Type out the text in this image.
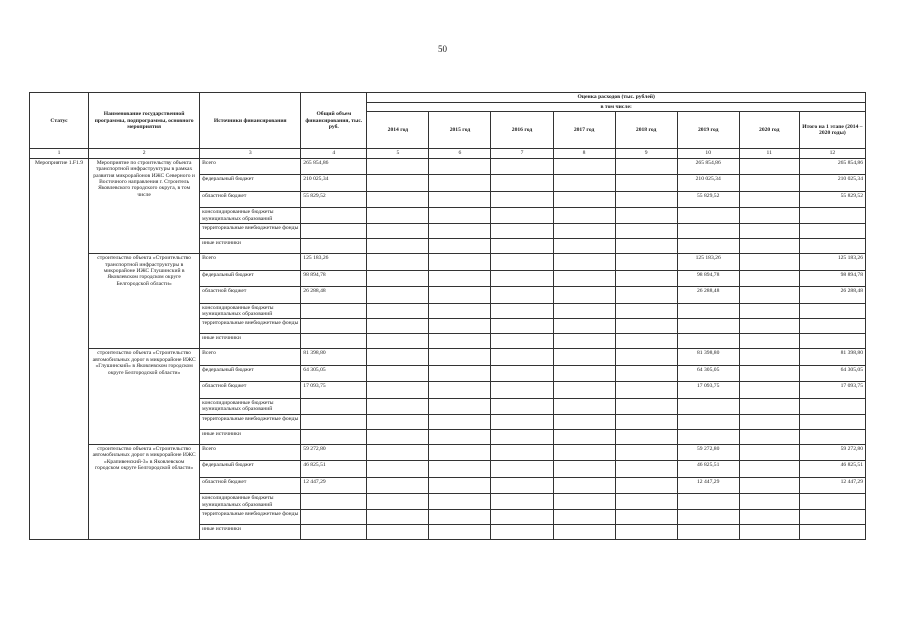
50
Статус	Наименование государственной программы, подпрограммы, основного мероприятия	Источники финансирования	Общий объем финансирования, тыс. руб.	Оценка расходов (тыс. рублей)							
				в том числе:							
				2014 год	2015 год	2016 год	2017 год	2018 год	2019 год	2020 год	Итого на 1 этапе (2014 – 2020 годы)
1	2	3	4	5	6	7	8	9	10	11	12
Мероприятие 1.F1.9	Мероприятие по строительству объекта транспортной инфраструктуры в рамках развития микрорайонов ИЖС Северного и Восточного направления г. Строитель Яковлевского городского округа, в том числе	Всего	265 854,86						265 854,86		265 854,86
		федеральный бюджет	210 025,34						210 025,34		210 025,34
		областной бюджет	55 829,52						55 829,52		55 829,52
		консолидированные бюджеты муниципальных образований									
		территориальные внебюджетные фонды									
		иные источники									
	строительство объекта «Строительство транспортной инфраструктуры в микрорайоне ИЖС Глушинский в Яковлевском городском округе Белгородской области»	Всего	125 183,26						125 183,26		125 183,26
		федеральный бюджет	98 894,78						98 894,78		98 894,78
		областной бюджет	26 288,48						26 288,48		26 288,48
		консолидированные бюджеты муниципальных образований									
		территориальные внебюджетные фонды									
		иные источники									
	строительство объекта «Строительство автомобильных дорог в микрорайоне ИЖС «Глушинский» в Яковлевском городском округе Белгородской области»	Всего	81 398,80						81 398,80		81 398,80
		федеральный бюджет	64 305,05						64 305,05		64 305,05
		областной бюджет	17 093,75						17 093,75		17 093,75
		консолидированные бюджеты муниципальных образований									
		территориальные внебюджетные фонды									
		иные источники									
	строительство объекта «Строительство автомобильных дорог в микрорайоне ИЖС «Крапивенский-3» в Яковлевском городском округе Белгородской области»	Всего	59 272,80						59 272,80		59 272,80
		федеральный бюджет	46 825,51						46 825,51		46 825,51
		областной бюджет	12 447,29						12 447,29		12 447,29
		консолидированные бюджеты муниципальных образований									
		территориальные внебюджетные фонды									
		иные источники									
